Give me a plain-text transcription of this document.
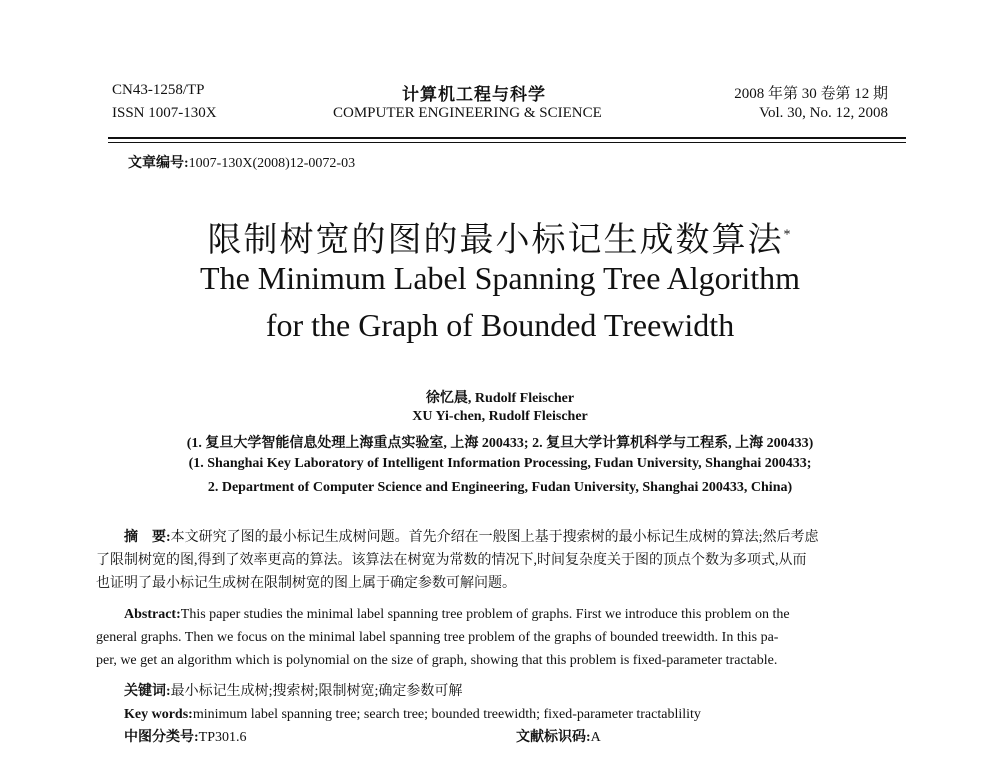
CN43-1258/TP
ISSN 1007-130X
计算机工程与科学
COMPUTER ENGINEERING & SCIENCE
2008 年第 30 卷第 12 期
Vol. 30, No. 12, 2008
文章编号:1007-130X(2008)12-0072-03
限制树宽的图的最小标记生成数算法*
The Minimum Label Spanning Tree Algorithm
for the Graph of Bounded Treewidth
徐忆晨, Rudolf Fleischer
XU Yi-chen, Rudolf Fleischer
(1. 复旦大学智能信息处理上海重点实验室, 上海 200433; 2. 复旦大学计算机科学与工程系, 上海 200433)
(1. Shanghai Key Laboratory of Intelligent Information Processing, Fudan University, Shanghai 200433;
2. Department of Computer Science and Engineering, Fudan University, Shanghai 200433, China)
摘　要:本文研究了图的最小标记生成树问题。首先介绍在一般图上基于搜索树的最小标记生成树的算法;然后考虑
了限制树宽的图,得到了效率更高的算法。该算法在树宽为常数的情况下,时间复杂度关于图的顶点个数为多项式,从而
也证明了最小标记生成树在限制树宽的图上属于确定参数可解问题。
Abstract:This paper studies the minimal label spanning tree problem of graphs. First we introduce this problem on the
general graphs. Then we focus on the minimal label spanning tree problem of the graphs of bounded treewidth. In this pa-
per, we get an algorithm which is polynomial on the size of graph, showing that this problem is fixed-parameter tractable.
关键词:最小标记生成树;搜索树;限制树宽;确定参数可解
Key words:minimum label spanning tree; search tree; bounded treewidth; fixed-parameter tractablility
中图分类号:TP301.6	文献标识码:A
